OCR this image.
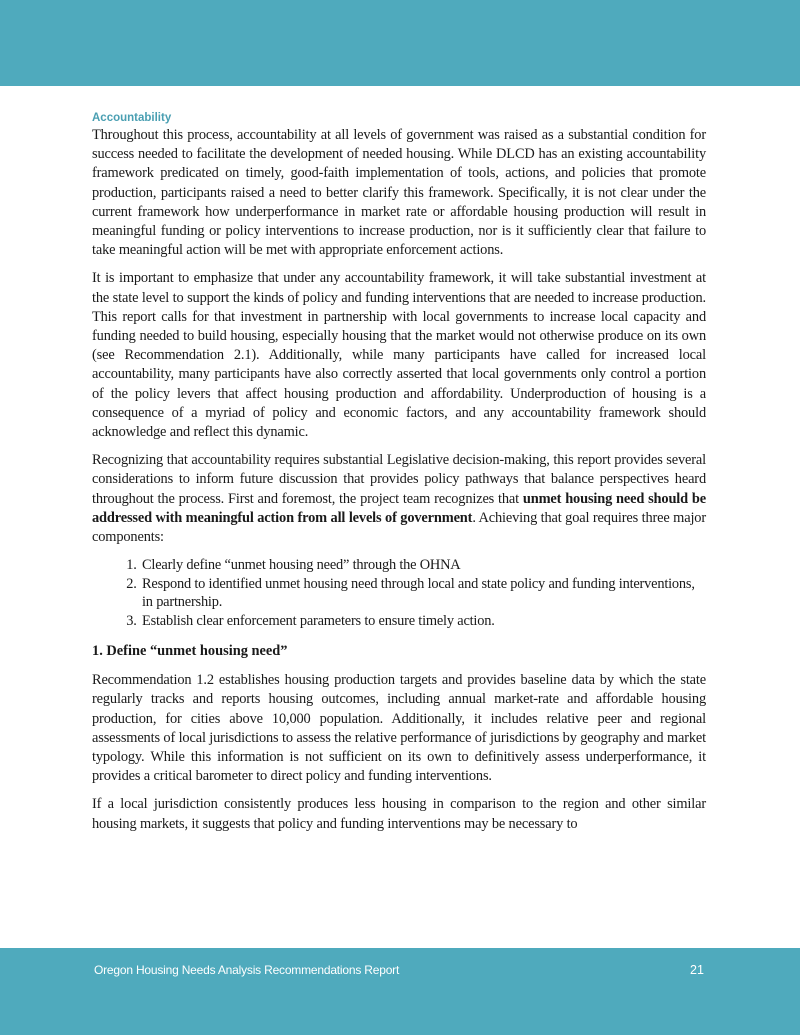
Accountability

Throughout this process, accountability at all levels of government was raised as a substantial condition for success needed to facilitate the development of needed housing. While DLCD has an existing accountability framework predicated on timely, good-faith implementation of tools, actions, and policies that promote production, participants raised a need to better clarify this framework. Specifically, it is not clear under the current framework how underperformance in market rate or affordable housing production will result in meaningful funding or policy interventions to increase production, nor is it sufficiently clear that failure to take meaningful action will be met with appropriate enforcement actions.

It is important to emphasize that under any accountability framework, it will take substantial investment at the state level to support the kinds of policy and funding interventions that are needed to increase production. This report calls for that investment in partnership with local governments to increase local capacity and funding needed to build housing, especially housing that the market would not otherwise produce on its own (see Recommendation 2.1). Additionally, while many participants have called for increased local accountability, many participants have also correctly asserted that local governments only control a portion of the policy levers that affect housing production and affordability. Underproduction of housing is a consequence of a myriad of policy and economic factors, and any accountability framework should acknowledge and reflect this dynamic.

Recognizing that accountability requires substantial Legislative decision-making, this report provides several considerations to inform future discussion that provides policy pathways that balance perspectives heard throughout the process. First and foremost, the project team recognizes that unmet housing need should be addressed with meaningful action from all levels of government. Achieving that goal requires three major components:

1. Clearly define “unmet housing need” through the OHNA
2. Respond to identified unmet housing need through local and state policy and funding interventions, in partnership.
3. Establish clear enforcement parameters to ensure timely action.
1. Define “unmet housing need”

Recommendation 1.2 establishes housing production targets and provides baseline data by which the state regularly tracks and reports housing outcomes, including annual market-rate and affordable housing production, for cities above 10,000 population. Additionally, it includes relative peer and regional assessments of local jurisdictions to assess the relative performance of jurisdictions by geography and market typology. While this information is not sufficient on its own to definitively assess underperformance, it provides a critical barometer to direct policy and funding interventions.

If a local jurisdiction consistently produces less housing in comparison to the region and other similar housing markets, it suggests that policy and funding interventions may be necessary to

Oregon Housing Needs Analysis Recommendations Report	21
